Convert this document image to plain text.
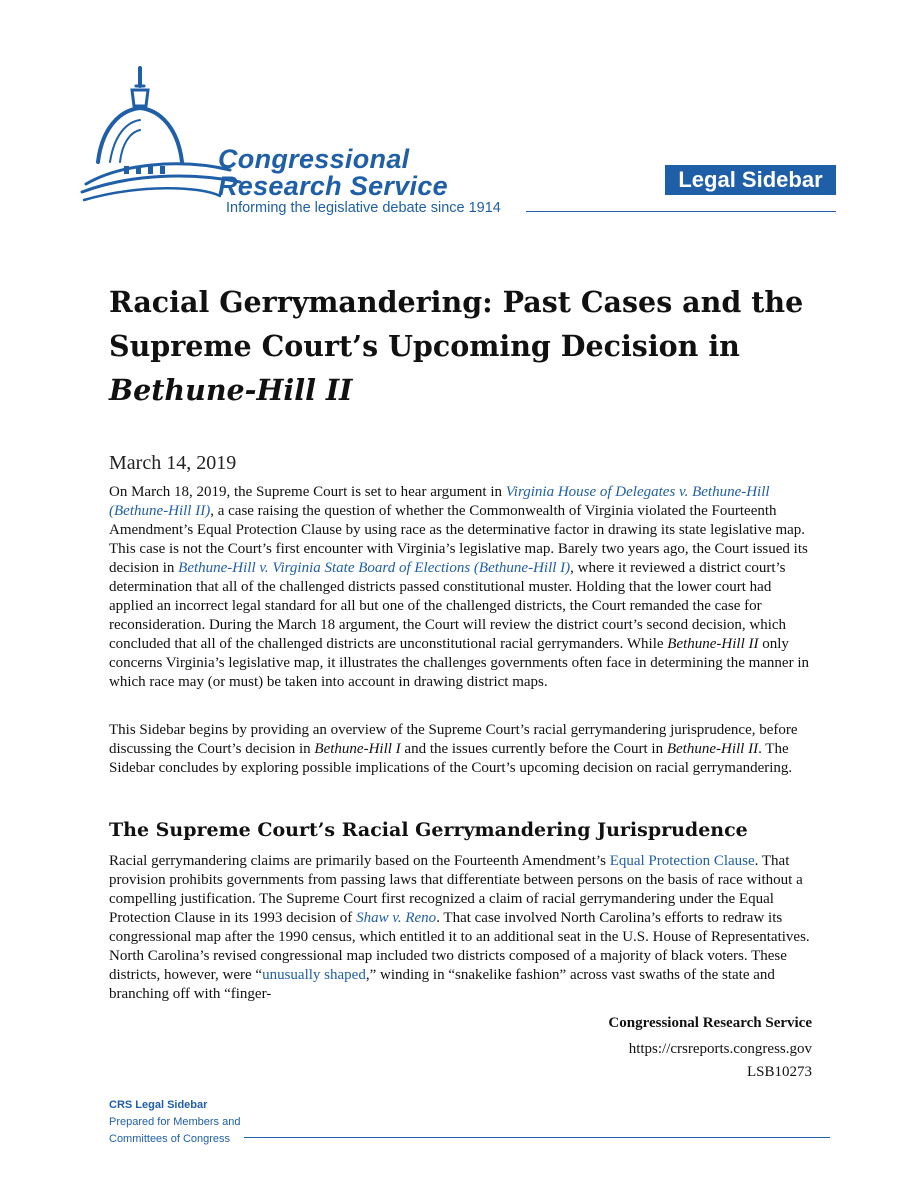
Congressional
Research Service
Informing the legislative debate since 1914
Legal Sidebar
Racial Gerrymandering: Past Cases and the
Supreme Court’s Upcoming Decision in
Bethune-Hill II
March 14, 2019

On March 18, 2019, the Supreme Court is set to hear argument in Virginia House of Delegates v. Bethune-Hill (Bethune-Hill II), a case raising the question of whether the Commonwealth of Virginia violated the Fourteenth Amendment’s Equal Protection Clause by using race as the determinative factor in drawing its state legislative map. This case is not the Court’s first encounter with Virginia’s legislative map. Barely two years ago, the Court issued its decision in Bethune-Hill v. Virginia State Board of Elections (Bethune-Hill I), where it reviewed a district court’s determination that all of the challenged districts passed constitutional muster. Holding that the lower court had applied an incorrect legal standard for all but one of the challenged districts, the Court remanded the case for reconsideration. During the March 18 argument, the Court will review the district court’s second decision, which concluded that all of the challenged districts are unconstitutional racial gerrymanders. While Bethune-Hill II only concerns Virginia’s legislative map, it illustrates the challenges governments often face in determining the manner in which race may (or must) be taken into account in drawing district maps.

This Sidebar begins by providing an overview of the Supreme Court’s racial gerrymandering jurisprudence, before discussing the Court’s decision in Bethune-Hill I and the issues currently before the Court in Bethune-Hill II. The Sidebar concludes by exploring possible implications of the Court’s upcoming decision on racial gerrymandering.

The Supreme Court’s Racial Gerrymandering Jurisprudence

Racial gerrymandering claims are primarily based on the Fourteenth Amendment’s Equal Protection Clause. That provision prohibits governments from passing laws that differentiate between persons on the basis of race without a compelling justification. The Supreme Court first recognized a claim of racial gerrymandering under the Equal Protection Clause in its 1993 decision of Shaw v. Reno. That case involved North Carolina’s efforts to redraw its congressional map after the 1990 census, which entitled it to an additional seat in the U.S. House of Representatives. North Carolina’s revised congressional map included two districts composed of a majority of black voters. These districts, however, were “unusually shaped,” winding in “snakelike fashion” across vast swaths of the state and branching off with “finger-

Congressional Research Service
https://crsreports.congress.gov
LSB10273
CRS Legal Sidebar
Prepared for Members and
Committees of Congress
